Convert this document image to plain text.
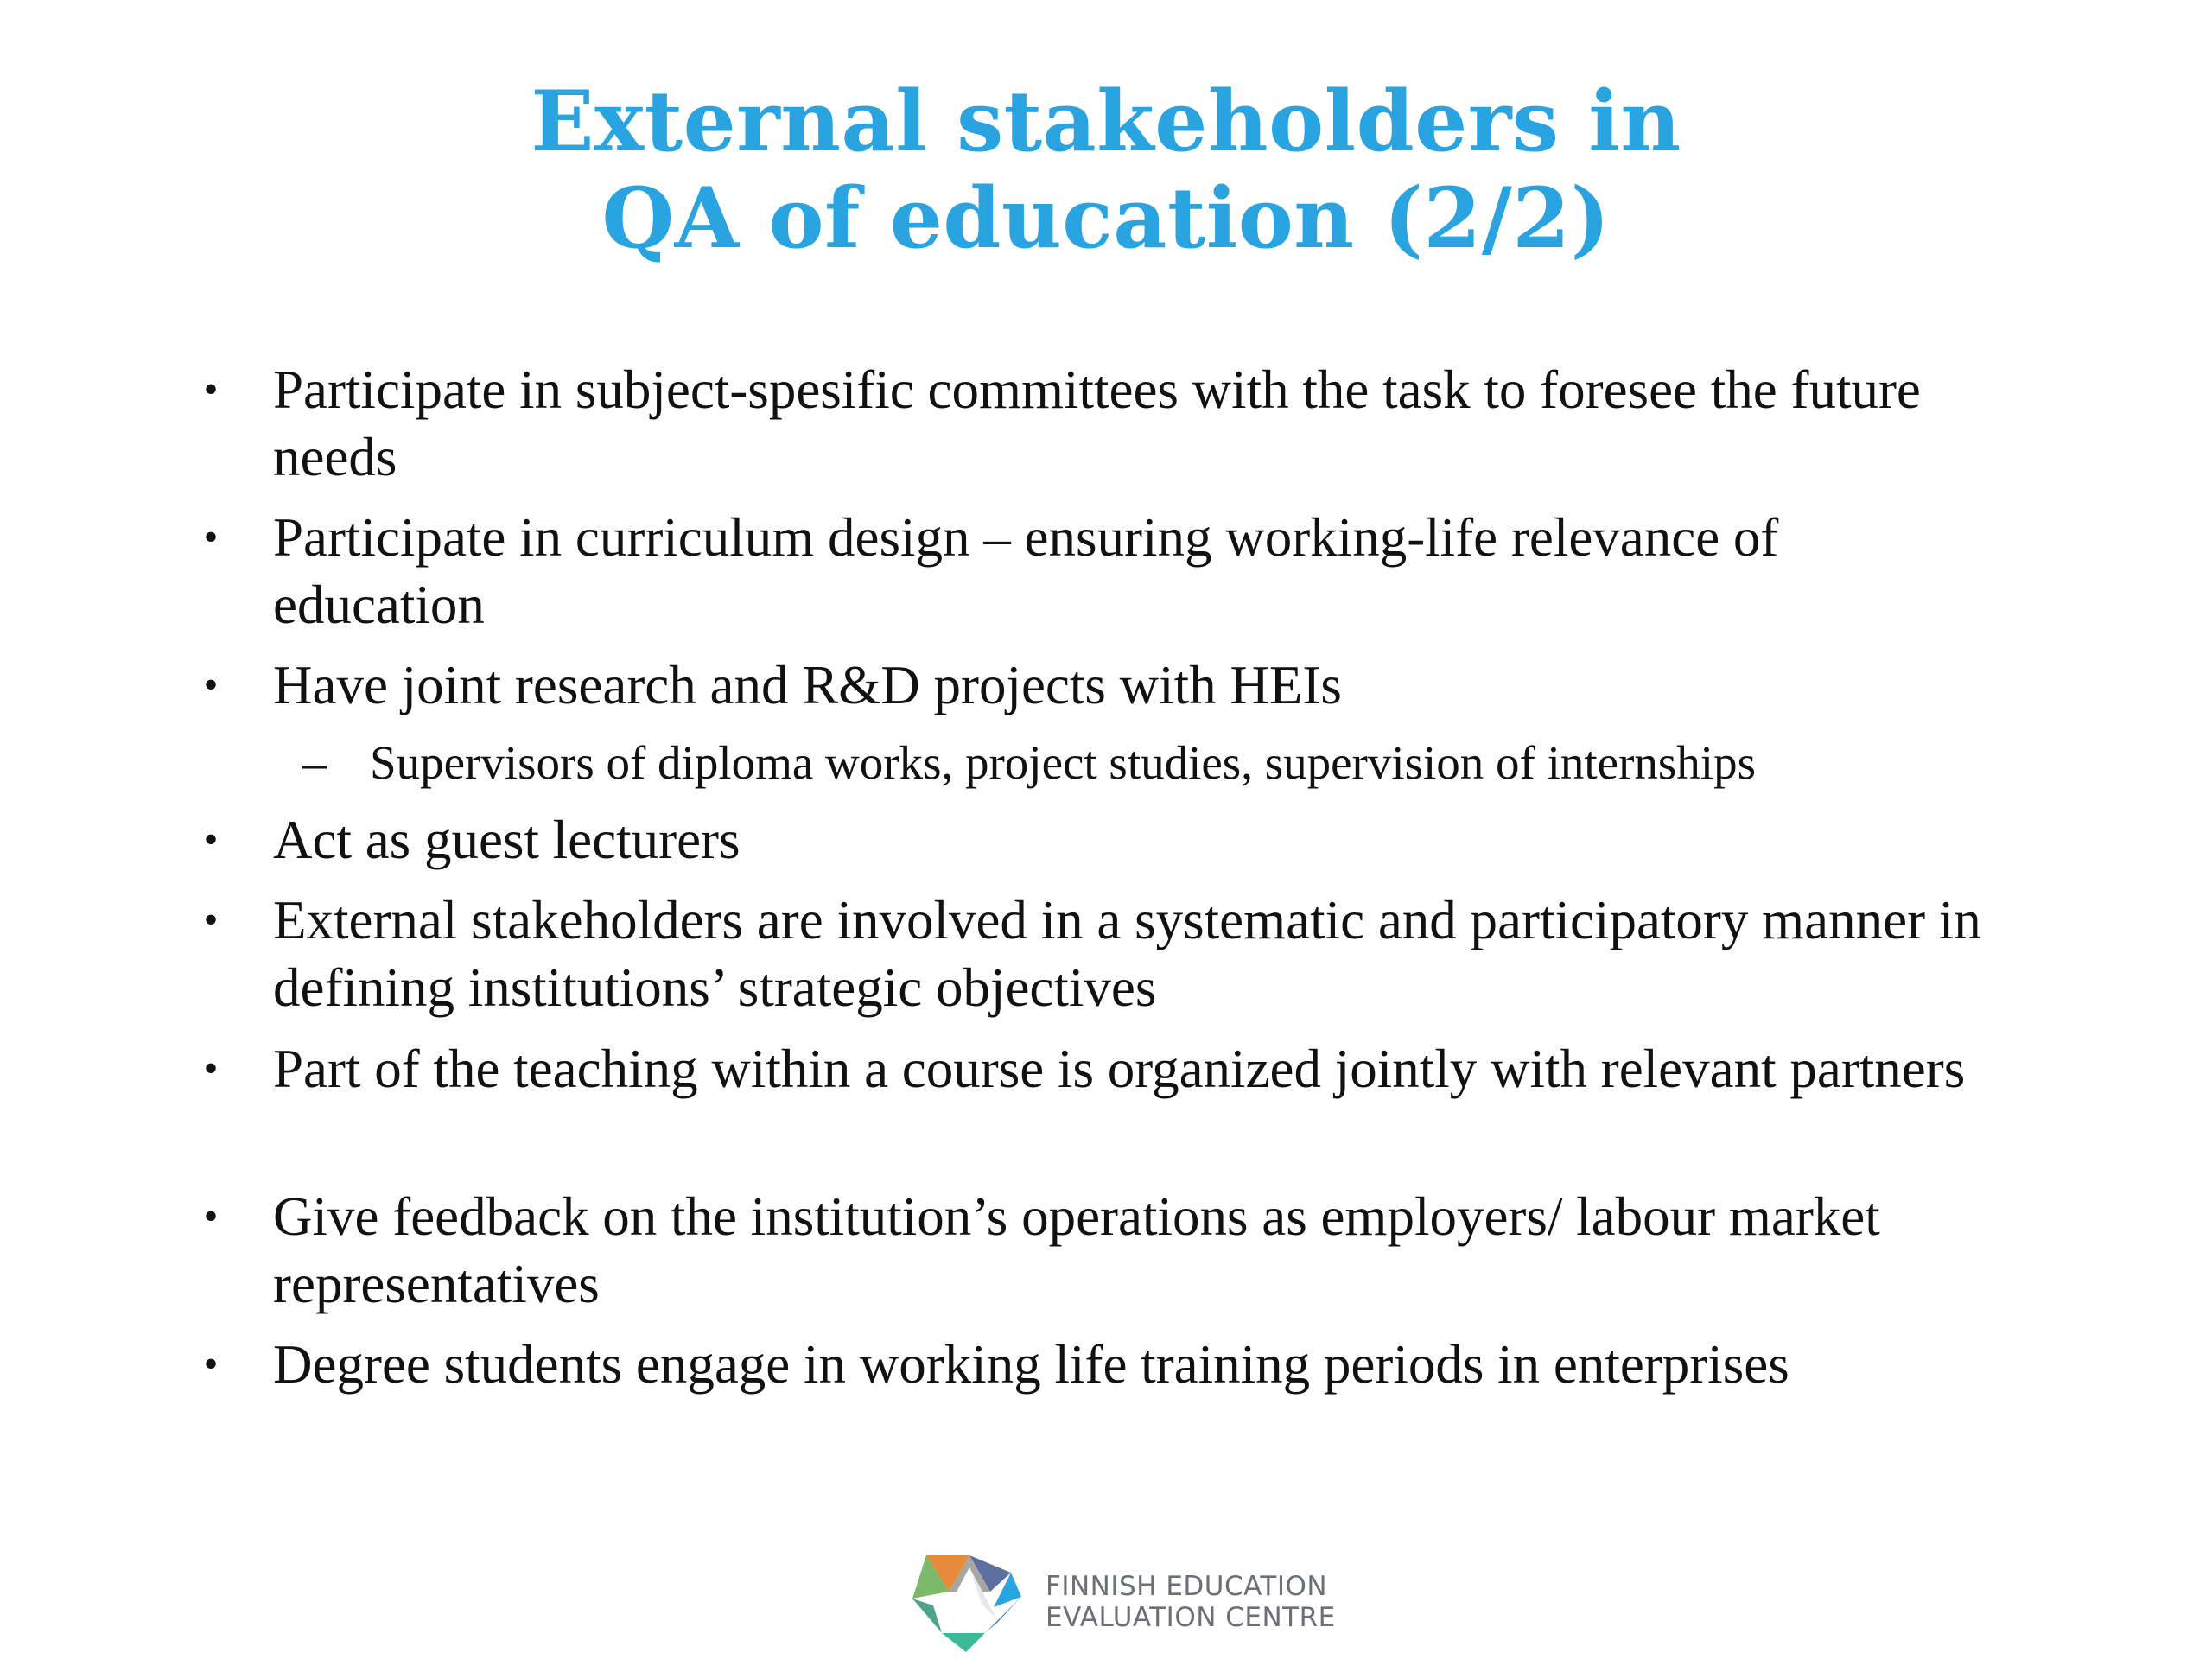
External stakeholders in
QA of education (2/2)
• Participate in subject-spesific committees with the task to foresee the future needs
• Participate in curriculum design – ensuring working-life relevance of education
• Have joint research and R&D projects with HEIs
– Supervisors of diploma works, project studies, supervision of internships
• Act as guest lecturers
• External stakeholders are involved in a systematic and participatory manner in defining institutions’ strategic objectives
• Part of the teaching within a course is organized jointly with relevant partners
• Give feedback on the institution’s operations as employers/ labour market representatives
• Degree students engage in working life training periods in enterprises
FINNISH EDUCATION
EVALUATION CENTRE
